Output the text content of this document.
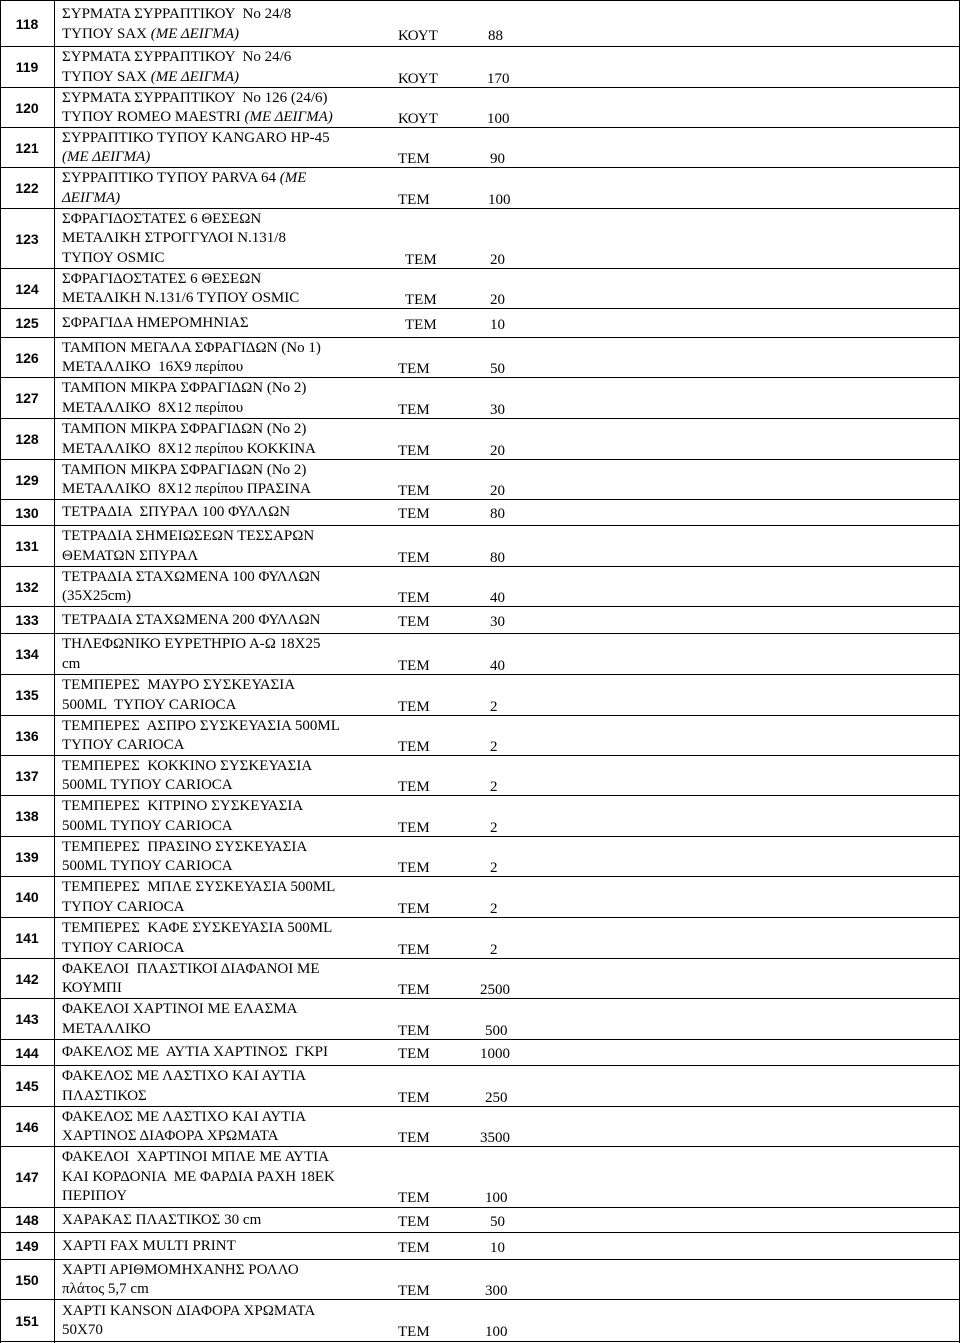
118
ΣΥΡΜΑΤΑ ΣΥΡΡΑΠΤΙΚΟΥ  No 24/8
ΤΥΠΟΥ SAX (ΜΕ ΔΕΙΓΜΑ)	ΚΟΥΤ	88
119
ΣΥΡΜΑΤΑ ΣΥΡΡΑΠΤΙΚΟΥ  No 24/6
ΤΥΠΟΥ SAX (ΜΕ ΔΕΙΓΜΑ)	ΚΟΥΤ	170
120
ΣΥΡΜΑΤΑ ΣΥΡΡΑΠΤΙΚΟΥ  No 126 (24/6)
ΤΥΠΟΥ ROMEO MAESTRI (ΜΕ ΔΕΙΓΜΑ)	ΚΟΥΤ	100
121
ΣΥΡΡΑΠΤΙΚΟ ΤΥΠΟΥ KANGARO HP-45
(ΜΕ ΔΕΙΓΜΑ)	ΤΕΜ	90
122
ΣΥΡΡΑΠΤΙΚΟ ΤΥΠΟΥ PARVA 64 (ΜΕ
ΔΕΙΓΜΑ)	ΤΕΜ	100
123
ΣΦΡΑΓΙΔΟΣΤΑΤΕΣ 6 ΘΕΣΕΩΝ
ΜΕΤΑΛΙΚΗ ΣΤΡΟΓΓΥΛΟΙ Ν.131/8
ΤΥΠΟΥ OSMIC	ΤΕΜ	20
124
ΣΦΡΑΓΙΔΟΣΤΑΤΕΣ 6 ΘΕΣΕΩΝ
ΜΕΤΑΛΙΚΗ Ν.131/6 ΤΥΠΟΥ OSMIC	ΤΕΜ	20
125	ΣΦΡΑΓΙΔΑ ΗΜΕΡΟΜΗΝΙΑΣ	ΤΕΜ	10
126
ΤΑΜΠΟΝ ΜΕΓΑΛΑ ΣΦΡΑΓΙΔΩΝ (Νο 1)
ΜΕΤΑΛΛΙΚΟ  16Χ9 περίπου	ΤΕΜ	50
127
ΤΑΜΠΟΝ ΜΙΚΡΑ ΣΦΡΑΓΙΔΩΝ (Νο 2)
ΜΕΤΑΛΛΙΚΟ  8Χ12 περίπου	ΤΕΜ	30
128
ΤΑΜΠΟΝ ΜΙΚΡΑ ΣΦΡΑΓΙΔΩΝ (Νο 2)
ΜΕΤΑΛΛΙΚΟ  8Χ12 περίπου ΚΟΚΚΙΝΑ	ΤΕΜ	20
129
ΤΑΜΠΟΝ ΜΙΚΡΑ ΣΦΡΑΓΙΔΩΝ (Νο 2)
ΜΕΤΑΛΛΙΚΟ  8Χ12 περίπου ΠΡΑΣΙΝΑ	ΤΕΜ	20
130	ΤΕΤΡΑΔΙΑ  ΣΠΥΡΑΛ 100 ΦΥΛΛΩΝ	ΤΕΜ	80
131
ΤΕΤΡΑΔΙΑ ΣΗΜΕΙΩΣΕΩΝ ΤΕΣΣΑΡΩΝ
ΘΕΜΑΤΩΝ ΣΠΥΡΑΛ	ΤΕΜ	80
132
ΤΕΤΡΑΔΙΑ ΣΤΑΧΩΜΕΝΑ 100 ΦΥΛΛΩΝ
(35Χ25cm)	ΤΕΜ	40
133	ΤΕΤΡΑΔΙΑ ΣΤΑΧΩΜΕΝΑ 200 ΦΥΛΛΩΝ	ΤΕΜ	30
134
ΤΗΛΕΦΩΝΙΚΟ ΕΥΡΕΤΗΡΙΟ Α-Ω 18Χ25
cm	ΤΕΜ	40
135
ΤΕΜΠΕΡΕΣ  ΜΑΥΡΟ ΣΥΣΚΕΥΑΣΙΑ
500ML  ΤΥΠΟΥ CARIOCA	ΤΕΜ	2
136
ΤΕΜΠΕΡΕΣ  ΑΣΠΡΟ ΣΥΣΚΕΥΑΣΙΑ 500ML
ΤΥΠΟΥ CARIOCA	ΤΕΜ	2
137
ΤΕΜΠΕΡΕΣ  ΚΟΚΚΙΝΟ ΣΥΣΚΕΥΑΣΙΑ
500ML ΤΥΠΟΥ CARIOCA	ΤΕΜ	2
138
ΤΕΜΠΕΡΕΣ  ΚΙΤΡΙΝΟ ΣΥΣΚΕΥΑΣΙΑ
500ML ΤΥΠΟΥ CARIOCA	ΤΕΜ	2
139
ΤΕΜΠΕΡΕΣ  ΠΡΑΣΙΝΟ ΣΥΣΚΕΥΑΣΙΑ
500ML ΤΥΠΟΥ CARIOCA	ΤΕΜ	2
140
ΤΕΜΠΕΡΕΣ  ΜΠΛΕ ΣΥΣΚΕΥΑΣΙΑ 500ML
ΤΥΠΟΥ CARIOCA	ΤΕΜ	2
141
ΤΕΜΠΕΡΕΣ  ΚΑΦΕ ΣΥΣΚΕΥΑΣΙΑ 500ML
ΤΥΠΟΥ CARIOCA	ΤΕΜ	2
142
ΦΑΚΕΛΟΙ  ΠΛΑΣΤΙΚΟΙ ΔΙΑΦΑΝΟΙ ΜΕ
ΚΟΥΜΠΙ	ΤΕΜ	2500
143
ΦΑΚΕΛΟΙ ΧΑΡΤΙΝΟΙ ΜΕ ΕΛΑΣΜΑ
ΜΕΤΑΛΛΙΚΟ	ΤΕΜ	500
144	ΦΑΚΕΛΟΣ ΜΕ  ΑΥΤΙΑ ΧΑΡΤΙΝΟΣ  ΓΚΡΙ	ΤΕΜ	1000
145
ΦΑΚΕΛΟΣ ΜΕ ΛΑΣΤΙΧΟ ΚΑΙ ΑΥΤΙΑ
ΠΛΑΣΤΙΚΟΣ	ΤΕΜ	250
146
ΦΑΚΕΛΟΣ ΜΕ ΛΑΣΤΙΧΟ ΚΑΙ ΑΥΤΙΑ
ΧΑΡΤΙΝΟΣ ΔΙΑΦΟΡΑ ΧΡΩΜΑΤΑ	ΤΕΜ	3500
147
ΦΑΚΕΛΟΙ  ΧΑΡΤΙΝΟΙ ΜΠΛΕ ΜΕ ΑΥΤΙΑ
ΚΑΙ ΚΟΡΔΟΝΙΑ  ΜΕ ΦΑΡΔΙΑ ΡΑΧΗ 18ΕΚ
ΠΕΡΙΠΟΥ	ΤΕΜ	100
148	ΧΑΡΑΚΑΣ ΠΛΑΣΤΙΚΟΣ 30 cm	ΤΕΜ	50
149	ΧΑΡΤΙ FAX MULTI PRINT	ΤΕΜ	10
150
ΧΑΡΤΙ ΑΡΙΘΜΟΜΗΧΑΝΗΣ ΡΟΛΛΟ
πλάτος 5,7 cm	ΤΕΜ	300
151
ΧΑΡΤΙ KANSON ΔΙΑΦΟΡΑ ΧΡΩΜΑΤΑ
50Χ70	ΤΕΜ	100
